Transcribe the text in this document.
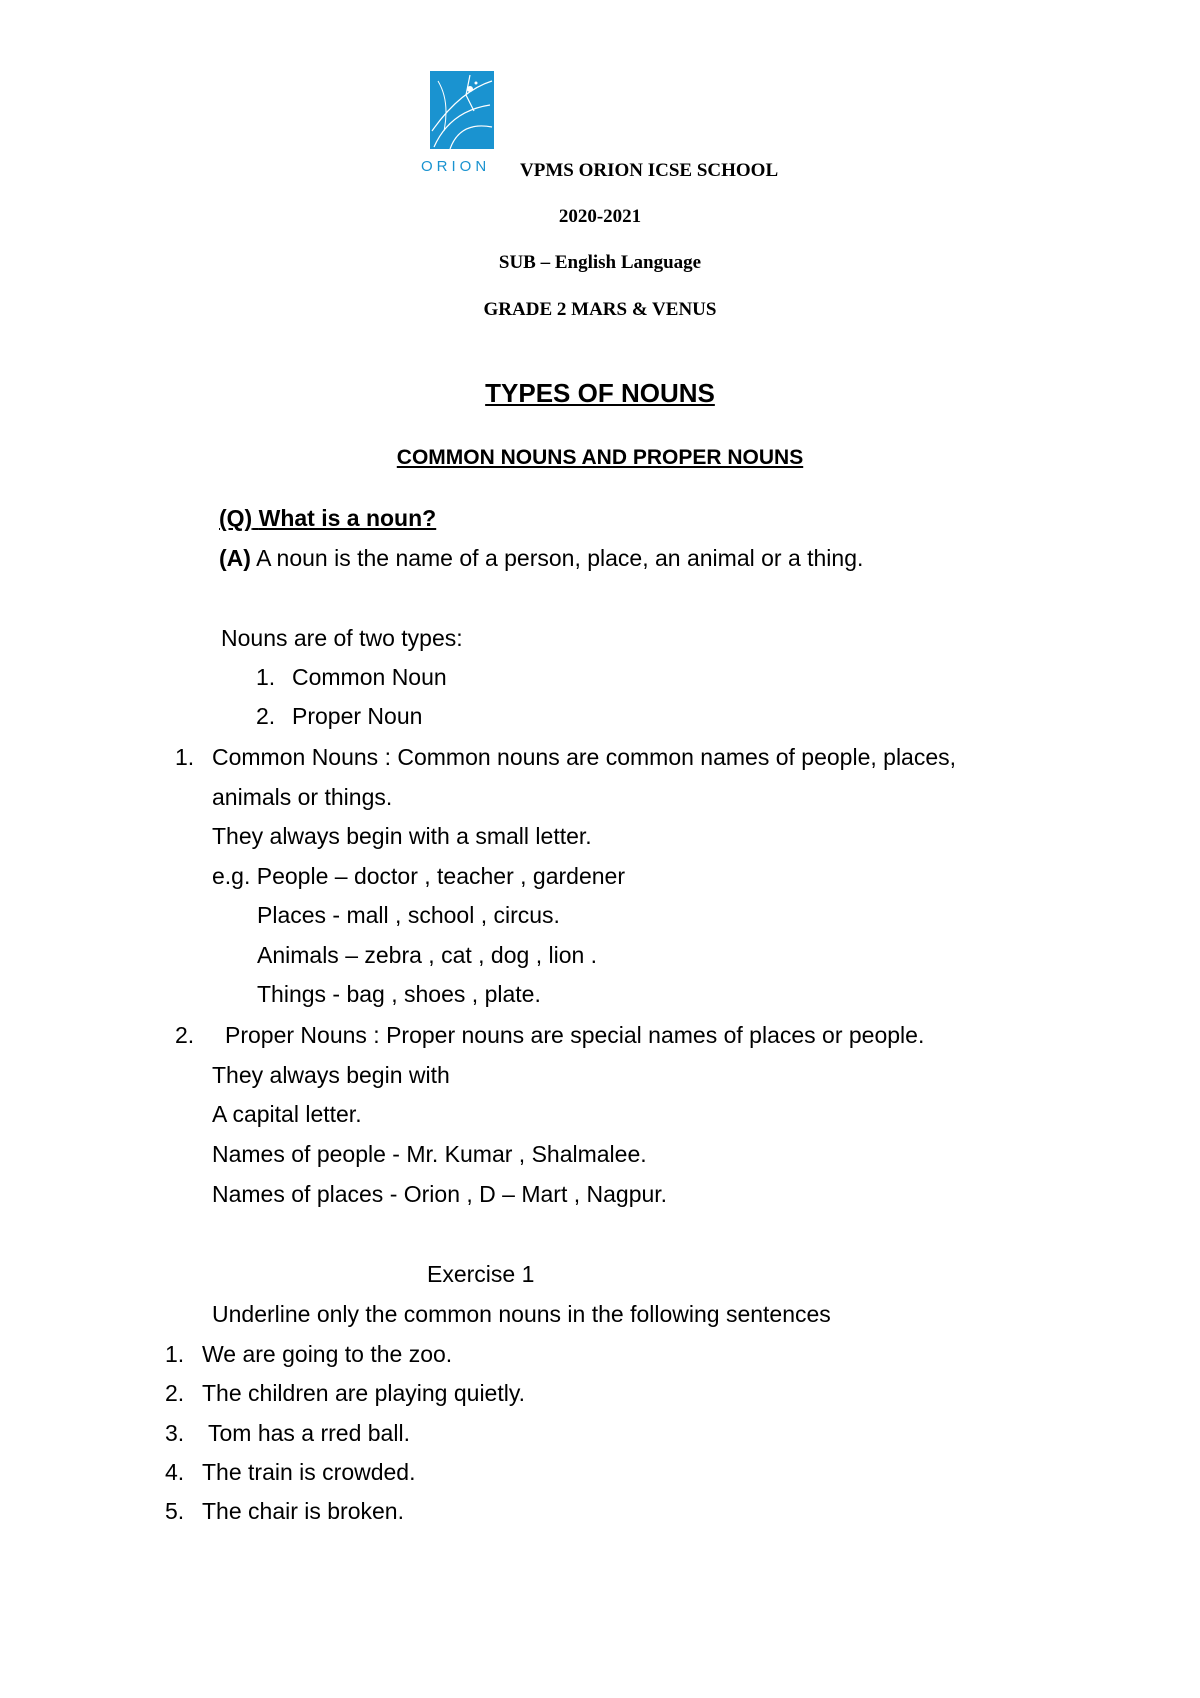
ORION VPMS ORION ICSE SCHOOL
2020-2021
SUB – English Language
GRADE 2 MARS & VENUS
TYPES OF NOUNS
COMMON NOUNS AND PROPER NOUNS
(Q) What is a noun?
(A) A noun is the name of a person, place, an animal or a thing.
Nouns are of two types:
1. Common Noun
2. Proper Noun
1. Common Nouns : Common nouns are common names of people, places,
animals or things.
They always begin with a small letter.
e.g. People – doctor , teacher , gardener
Places - mall , school , circus.
Animals – zebra , cat , dog , lion .
Things - bag , shoes , plate.
2. Proper Nouns : Proper nouns are special names of places or people.
They always begin with
A capital letter.
Names of people - Mr. Kumar , Shalmalee.
Names of places - Orion , D – Mart , Nagpur.
Exercise 1
Underline only the common nouns in the following sentences
1. We are going to the zoo.
2. The children are playing quietly.
3. Tom has a rred ball.
4. The train is crowded.
5. The chair is broken.
